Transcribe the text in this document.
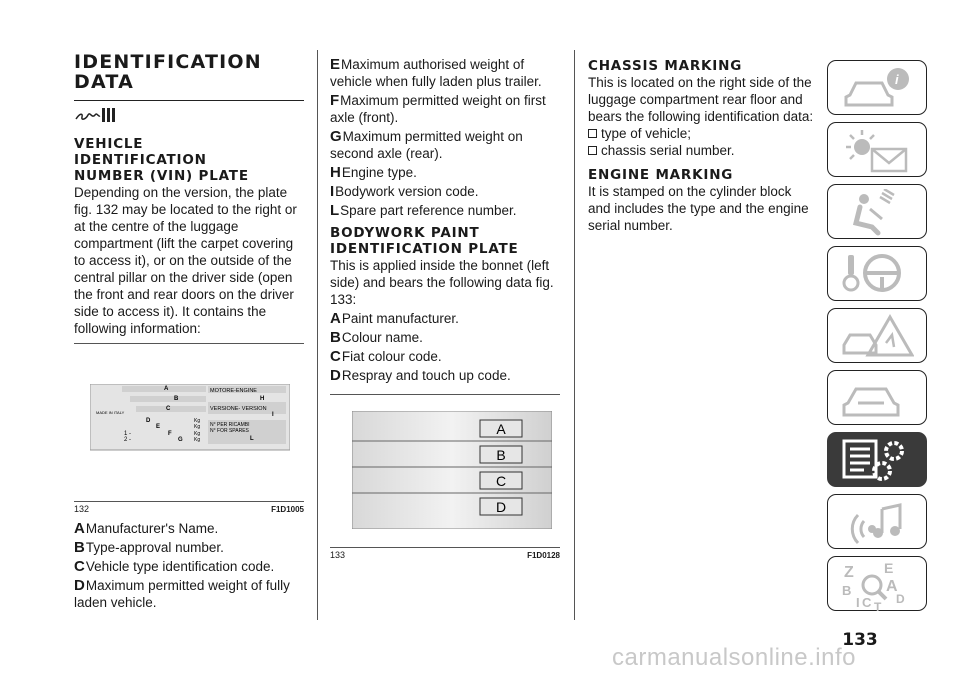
IDENTIFICATION
DATA
VEHICLE
IDENTIFICATION
NUMBER (VIN) PLATE

Depending on the version, the plate fig. 132 may be located to the right or at the centre of the luggage compartment (lift the carpet covering to access it), or on the outside of the central pillar on the driver side (open the front and rear doors on the driver side to access it). It contains the following information:

MADE IN ITALY
A
B
C
D
E
F
G
1 -
2 -
Kg
Kg
Kg
Kg
MOTORE-ENGINE
H
VERSIONE- VERSION
I
N° PER RICAMBI
N° FOR SPARES
L
132	F1D1005
AManufacturer's Name.
BType-approval number.
CVehicle type identification code.
DMaximum permitted weight of fully laden vehicle.
EMaximum authorised weight of vehicle when fully laden plus trailer.
FMaximum permitted weight on first axle (front).
GMaximum permitted weight on second axle (rear).
HEngine type.
IBodywork version code.
LSpare part reference number.
BODYWORK PAINT
IDENTIFICATION PLATE

This is applied inside the bonnet (left side) and bears the following data fig. 133:

APaint manufacturer.
BColour name.
CFiat colour code.
DRespray and touch up code.
A
B
C
D
133	F1D0128
CHASSIS MARKING

This is located on the right side of the luggage compartment rear floor and bears the following identification data:

type of vehicle;
chassis serial number.
ENGINE MARKING

It is stamped on the cylinder block and includes the type and the engine serial number.

i
Z E
B A
D
I C T
133
carmanualsonline.info
